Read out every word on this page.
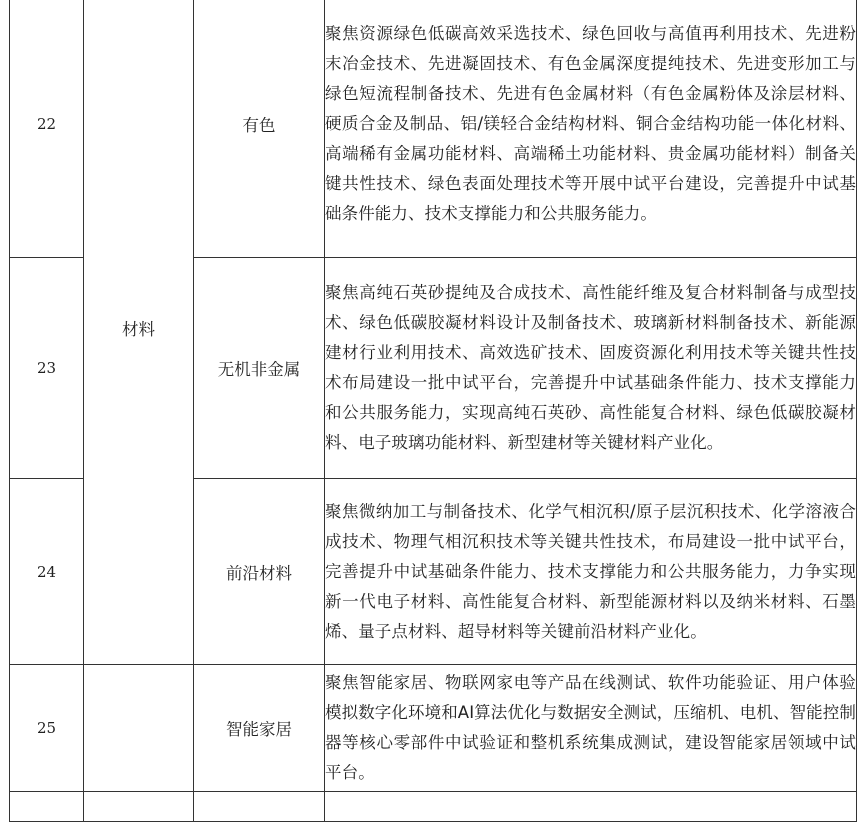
22	材料	有色	聚焦资源绿色低碳高效采选技术、绿色回收与高值再利用技术、先进粉末冶金技术、先进凝固技术、有色金属深度提纯技术、先进变形加工与绿色短流程制备技术、先进有色金属材料（有色金属粉体及涂层材料、硬质合金及制品、铝/镁轻合金结构材料、铜合金结构功能一体化材料、高端稀有金属功能材料、高端稀土功能材料、贵金属功能材料）制备关键共性技术、绿色表面处理技术等开展中试平台建设，完善提升中试基础条件能力、技术支撑能力和公共服务能力。
23		无机非金属	聚焦高纯石英砂提纯及合成技术、高性能纤维及复合材料制备与成型技术、绿色低碳胶凝材料设计及制备技术、玻璃新材料制备技术、新能源建材行业利用技术、高效选矿技术、固废资源化利用技术等关键共性技术布局建设一批中试平台，完善提升中试基础条件能力、技术支撑能力和公共服务能力，实现高纯石英砂、高性能复合材料、绿色低碳胶凝材料、电子玻璃功能材料、新型建材等关键材料产业化。
24		前沿材料	聚焦微纳加工与制备技术、化学气相沉积/原子层沉积技术、化学溶液合成技术、物理气相沉积技术等关键共性技术，布局建设一批中试平台，完善提升中试基础条件能力、技术支撑能力和公共服务能力，力争实现新一代电子材料、高性能复合材料、新型能源材料以及纳米材料、石墨烯、量子点材料、超导材料等关键前沿材料产业化。
25		智能家居	聚焦智能家居、物联网家电等产品在线测试、软件功能验证、用户体验模拟数字化环境和AI算法优化与数据安全测试，压缩机、电机、智能控制器等核心零部件中试验证和整机系统集成测试，建设智能家居领域中试平台。
